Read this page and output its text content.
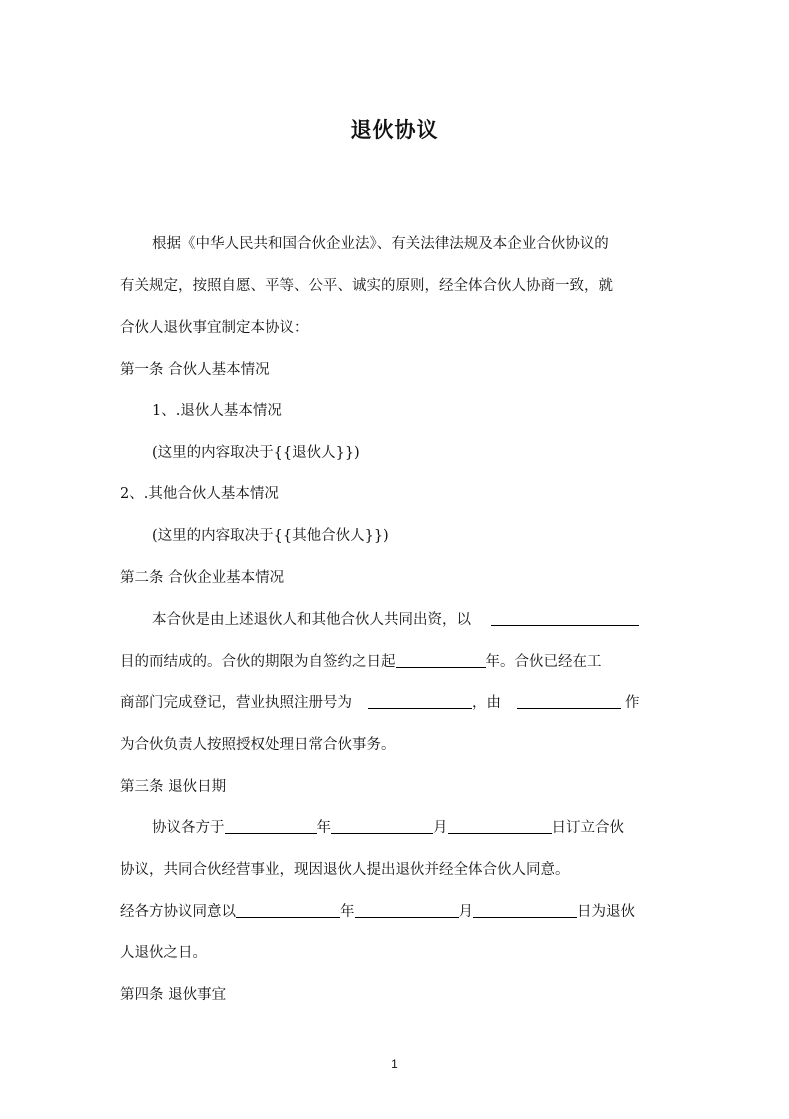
退伙协议
根据《中华人民共和国合伙企业法》、有关法律法规及本企业合伙协议的
有关规定，按照自愿、平等、公平、诚实的原则，经全体合伙人协商一致，就
合伙人退伙事宜制定本协议：
第一条 合伙人基本情况
1、.退伙人基本情况
(这里的内容取决于{{退伙人}})
2、.其他合伙人基本情况
(这里的内容取决于{{其他合伙人}})
第二条 合伙企业基本情况
本合伙是由上述退伙人和其他合伙人共同出资，以
目的而结成的。合伙的期限为自签约之日起	年。合伙已经在工
商部门完成登记，营业执照注册号为	，由	作
为合伙负责人按照授权处理日常合伙事务。
第三条 退伙日期
协议各方于	年	月	日订立合伙
协议，共同合伙经营事业，现因退伙人提出退伙并经全体合伙人同意。
经各方协议同意以	年	月	日为退伙
人退伙之日。
第四条 退伙事宜
1
